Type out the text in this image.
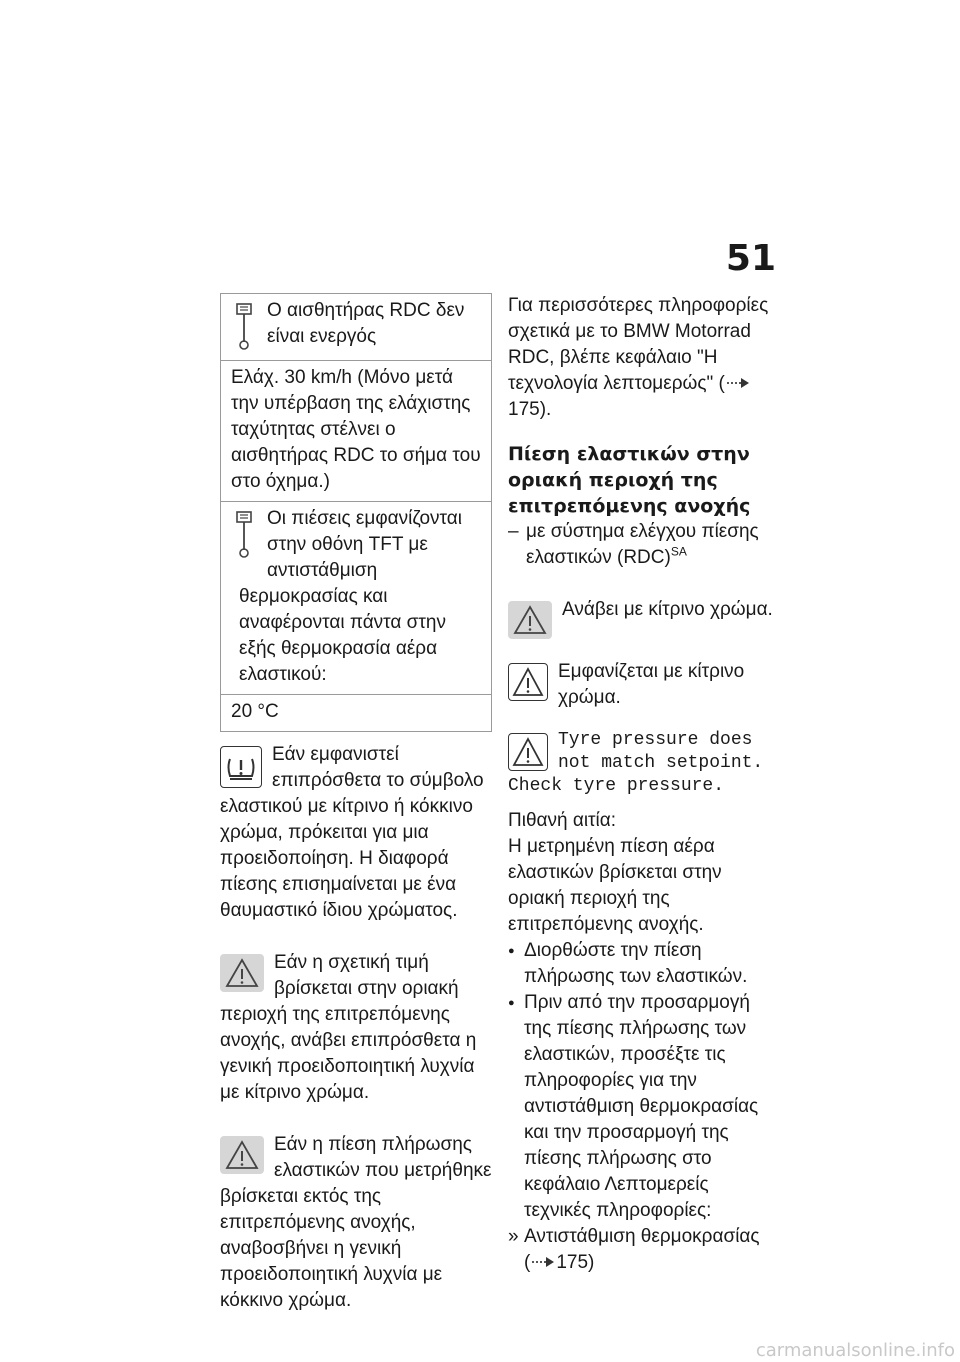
51

Ο αισθητήρας RDC δεν είναι ενεργός

Ελάχ. 30 km/h (Μόνο μετά την υπέρβαση της ελάχιστης ταχύτητας στέλνει ο αισθητήρας RDC το σήμα του στο όχημα.)

Οι πιέσεις εμφανίζονται στην οθόνη TFT με αντιστάθμιση θερμοκρασίας και αναφέρονται πάντα στην εξής θερμοκρασία αέρα ελαστικού:

20 °C

Εάν εμφανιστεί επιπρόσθετα το σύμβολο ελαστικού με κίτρινο ή κόκκινο χρώμα, πρόκειται για μια προειδοποίηση. Η διαφορά πίεσης επισημαίνεται με ένα θαυμαστικό ίδιου χρώματος.

Εάν η σχετική τιμή βρίσκεται στην οριακή περιοχή της επιτρεπόμενης ανοχής, ανάβει επιπρόσθετα η γενική προειδοποιητική λυχνία με κίτρινο χρώμα.

Εάν η πίεση πλήρωσης ελαστικών που μετρήθηκε βρίσκεται εκτός της επιτρεπόμενης ανοχής, αναβοσβήνει η γενική προειδοποιητική λυχνία με κόκκινο χρώμα.

Για περισσότερες πληροφορίες σχετικά με το BMW Motorrad RDC, βλέπε κεφάλαιο "Η τεχνολογία λεπτομερώς" (175).

Πίεση ελαστικών στην οριακή περιοχή της επιτρεπόμενης ανοχής

– με σύστημα ελέγχου πίεσης ελαστικών (RDC)$^{SA}$

Ανάβει με κίτρινο χρώμα.

Εμφανίζεται με κίτρινο χρώμα.

Tyre pressure does not match setpoint. Check tyre pressure.

Πιθανή αιτία:

Η μετρημένη πίεση αέρα ελαστικών βρίσκεται στην οριακή περιοχή της επιτρεπόμενης ανοχής.

● Διορθώστε την πίεση πλήρωσης των ελαστικών.

● Πριν από την προσαρμογή της πίεσης πλήρωσης των ελαστικών, προσέξτε τις πληροφορίες για την αντιστάθμιση θερμοκρασίας και την προσαρμογή της πίεσης πλήρωσης στο κεφάλαιο Λεπτομερείς τεχνικές πληροφορίες:

» Αντιστάθμιση θερμοκρασίας
( 175)

carmanualsonline.info
